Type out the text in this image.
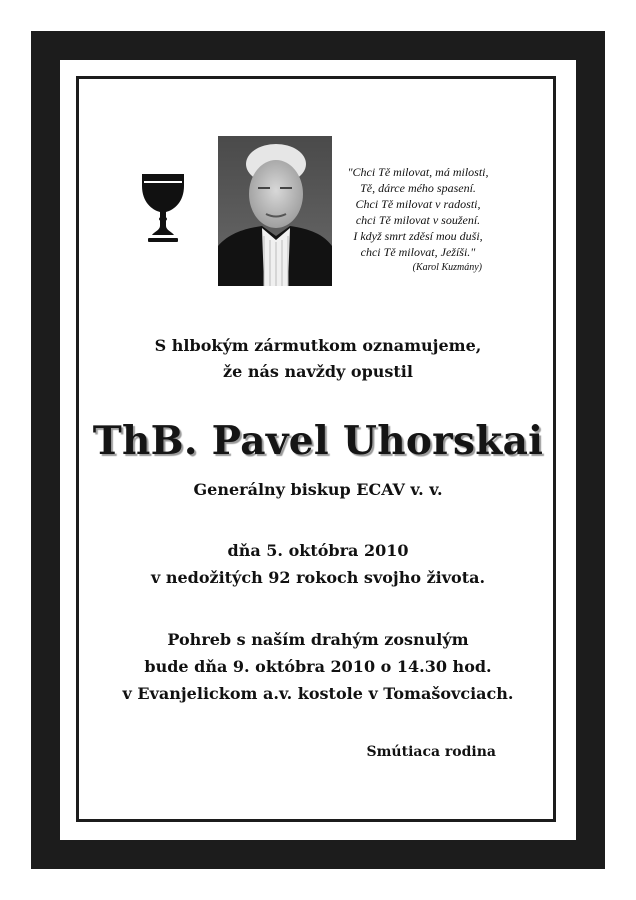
"Chci Tě milovat, má milosti,
Tě, dárce mého spasení.
Chci Tě milovat v radosti,
chci Tě milovat v soužení.
I když smrt zděsí mou duši,
chci Tě milovat, Ježíši."
(Karol Kuzmány)
S hlbokým zármutkom oznamujeme,
že nás navždy opustil
ThB. Pavel Uhorskai
Generálny biskup ECAV v. v.
dňa 5. októbra 2010
v nedožitých 92 rokoch svojho života.
Pohreb s naším drahým zosnulým
bude dňa 9. októbra 2010 o 14.30 hod.
v Evanjelickom a.v. kostole v Tomašovciach.
Smútiaca rodina
